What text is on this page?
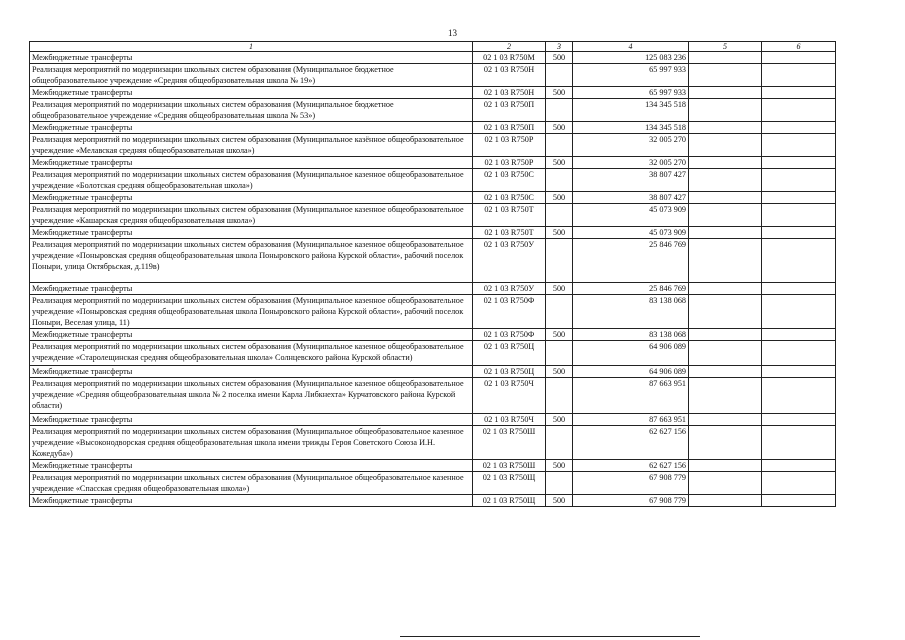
13
1	2	3	4	5	6
Межбюджетные трансферты	02 1 03 R750М	500	125 083 236		
Реализация мероприятий по модернизации школьных систем образования (Муниципальное бюджетное общеобразовательное учреждение «Средняя общеобразовательная школа № 19»)	02 1 03 R750Н		65 997 933		
Межбюджетные трансферты	02 1 03 R750Н	500	65 997 933		
Реализация мероприятий по модернизации школьных систем образования (Муниципальное бюджетное общеобразовательное учреждение «Средняя общеобразовательная школа № 53»)	02 1 03 R750П		134 345 518		
Межбюджетные трансферты	02 1 03 R750П	500	134 345 518		
Реализация мероприятий по модернизации школьных систем образования (Муниципальное казённое общеобразовательное учреждение «Мелавская средняя общеобразовательная школа»)	02 1 03 R750Р		32 005 270		
Межбюджетные трансферты	02 1 03 R750Р	500	32 005 270		
Реализация мероприятий по модернизации школьных систем образования (Муниципальное казенное общеобразовательное учреждение «Болотская средняя общеобразовательная школа»)	02 1 03 R750С		38 807 427		
Межбюджетные трансферты	02 1 03 R750С	500	38 807 427		
Реализация мероприятий по модернизации школьных систем образования (Муниципальное казенное общеобразовательное учреждение «Кашарская средняя общеобразовательная школа»)	02 1 03 R750Т		45 073 909		
Межбюджетные трансферты	02 1 03 R750Т	500	45 073 909		
Реализация мероприятий по модернизации школьных систем образования (Муниципальное казенное общеобразовательное учреждение «Поныровская средняя общеобразовательная школа Поныровского района Курской области», рабочий поселок Поныри, улица Октябрьская, д.119в)	02 1 03 R750У		25 846 769		
Межбюджетные трансферты	02 1 03 R750У	500	25 846 769		
Реализация мероприятий по модернизации школьных систем образования (Муниципальное казенное общеобразовательное учреждение «Поныровская средняя общеобразовательная школа Поныровского района Курской области», рабочий поселок Поныри, Веселая улица, 11)	02 1 03 R750Ф		83 138 068		
Межбюджетные трансферты	02 1 03 R750Ф	500	83 138 068		
Реализация мероприятий по модернизации школьных систем образования (Муниципальное казенное общеобразовательное учреждение «Старолещинская средняя общеобразовательная школа» Солнцевского района Курской области)	02 1 03 R750Ц		64 906 089		
Межбюджетные трансферты	02 1 03 R750Ц	500	64 906 089		
Реализация мероприятий по модернизации школьных систем образования (Муниципальное казенное общеобразовательное учреждение «Средняя общеобразовательная школа № 2 поселка имени Карла Либкнехта» Курчатовского района Курской области)	02 1 03 R750Ч		87 663 951		
Межбюджетные трансферты	02 1 03 R750Ч	500	87 663 951		
Реализация мероприятий по модернизации школьных систем образования (Муниципальное общеобразовательное казенное учреждение «Высоконодворская средняя общеобразовательная школа имени трижды Героя Советского Союза И.Н. Кожедуба»)	02 1 03 R750Ш		62 627 156		
Межбюджетные трансферты	02 1 03 R750Ш	500	62 627 156		
Реализация мероприятий по модернизации школьных систем образования (Муниципальное общеобразовательное казенное учреждение «Спасская средняя общеобразовательная школа»)	02 1 03 R750Щ		67 908 779		
Межбюджетные трансферты	02 1 03 R750Щ	500	67 908 779		
